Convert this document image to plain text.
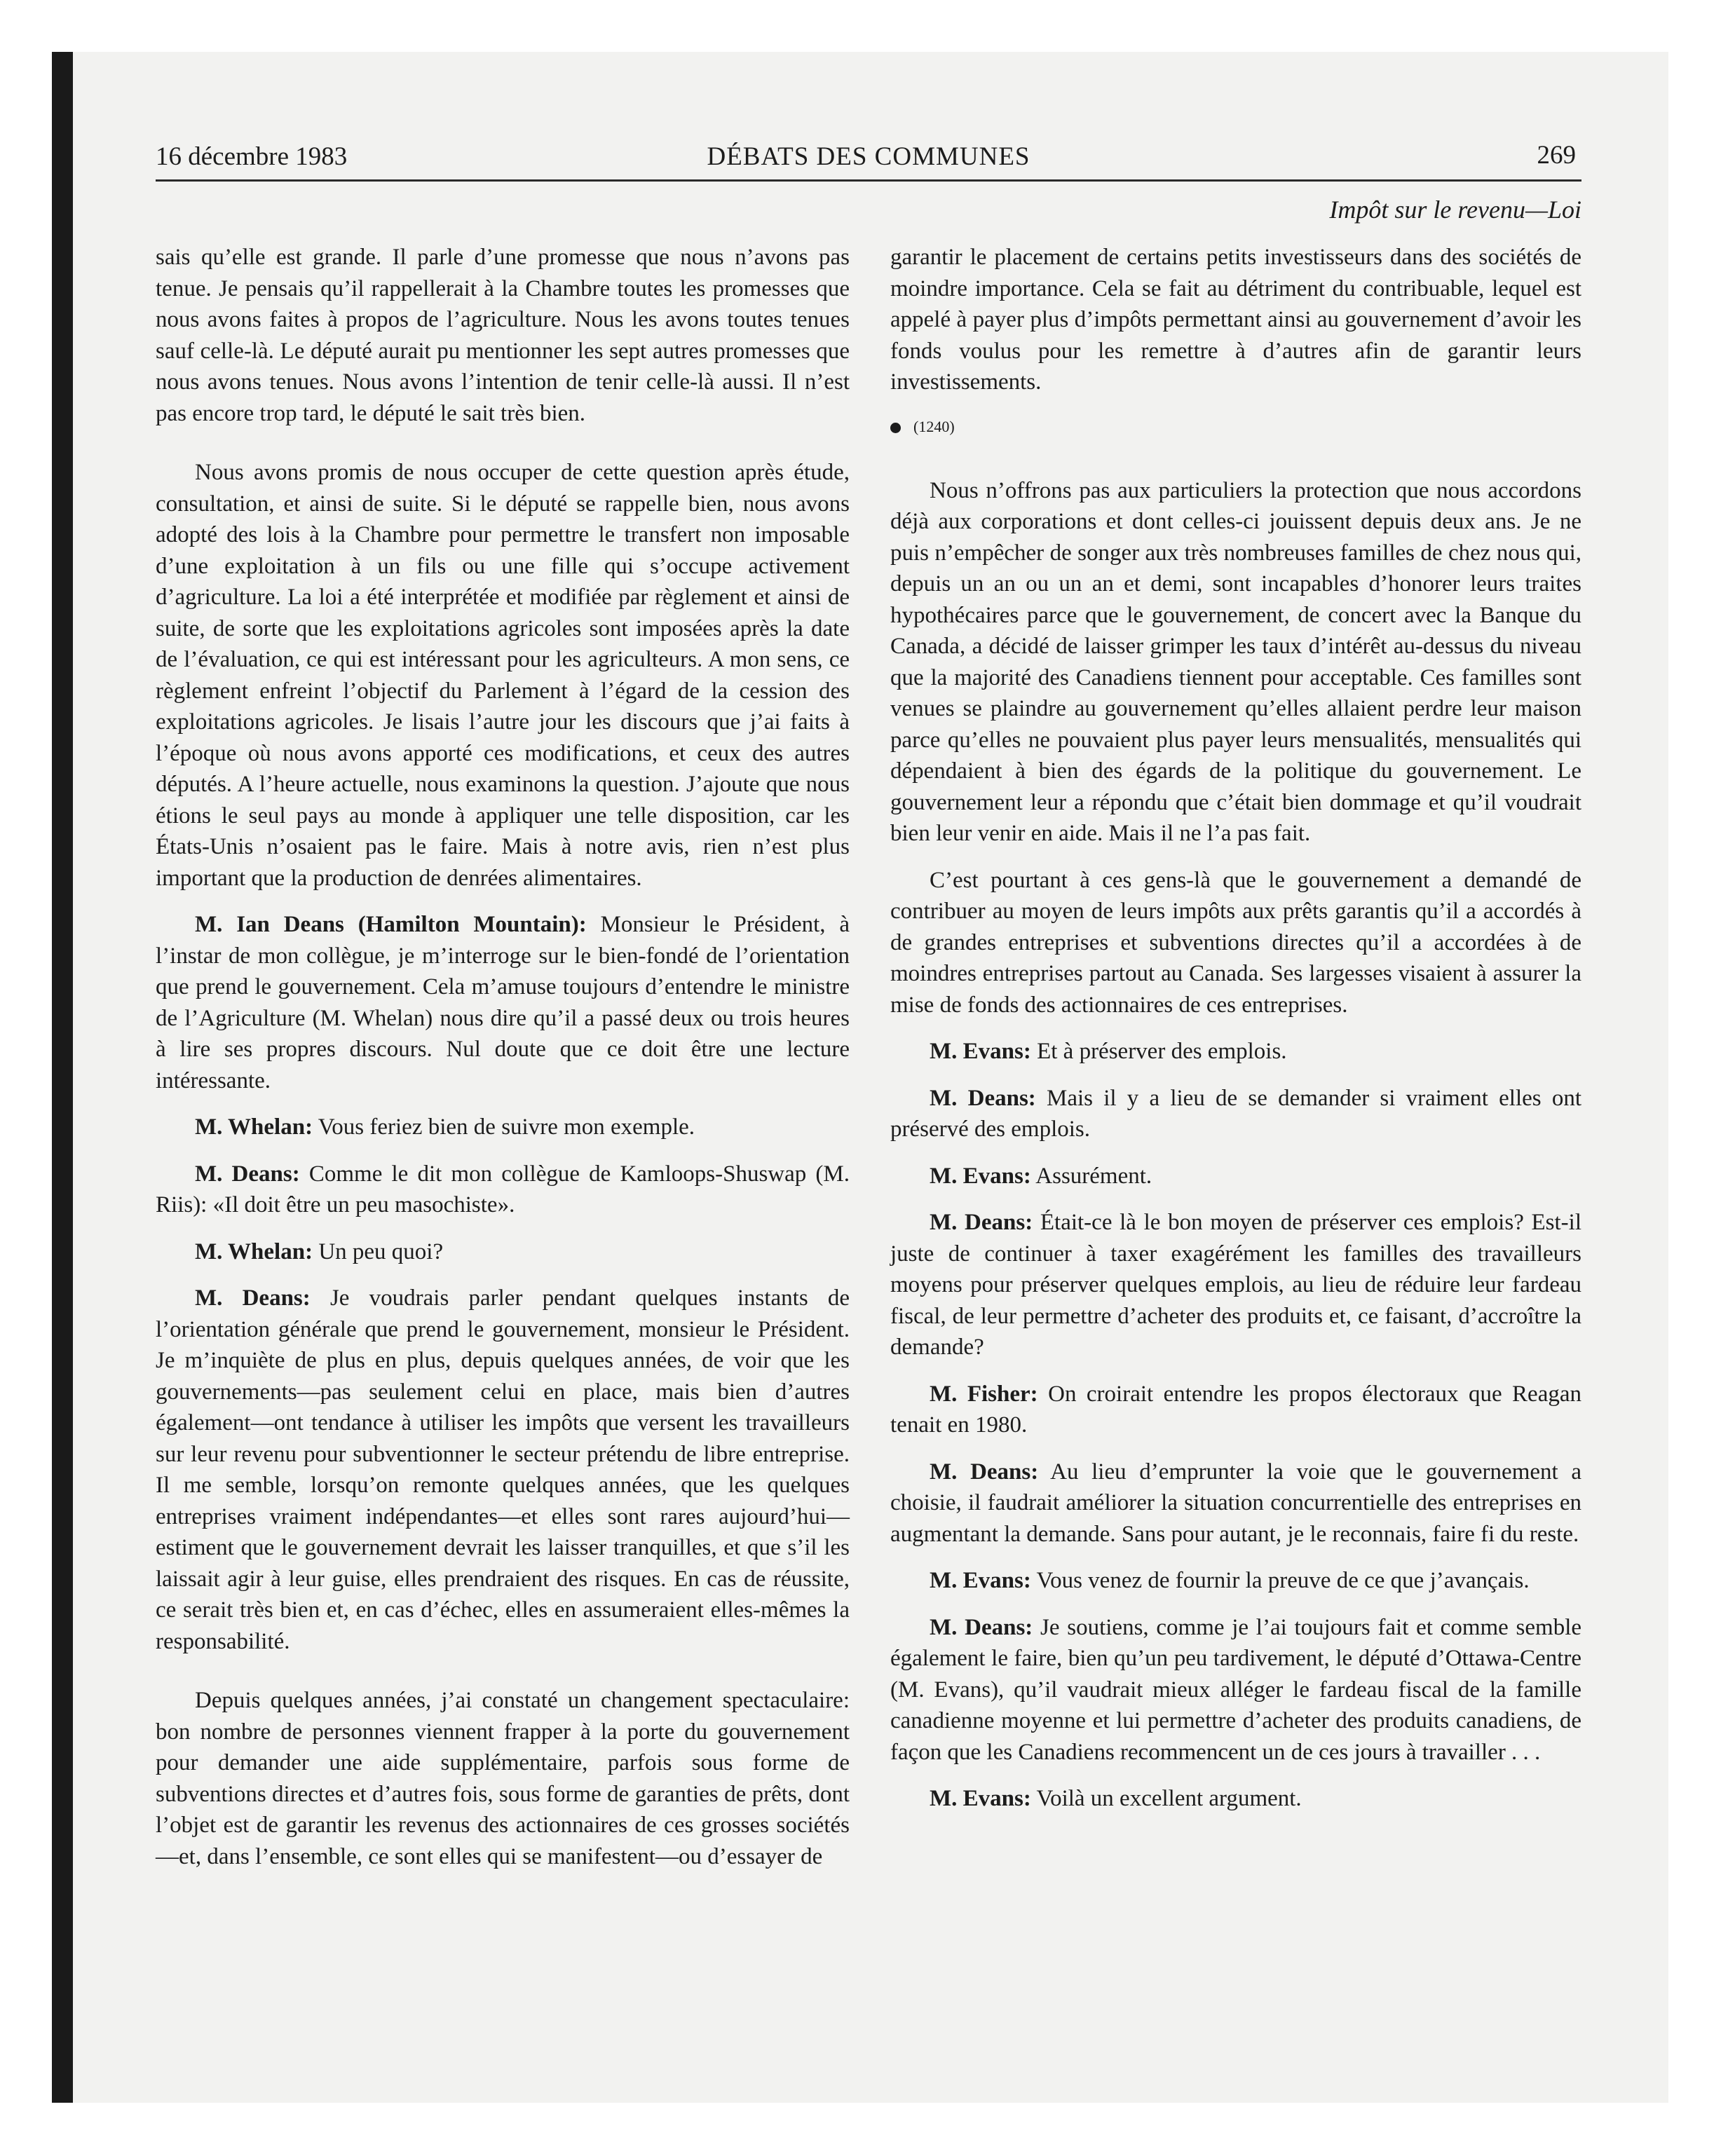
16 décembre 1983	DÉBATS DES COMMUNES	269
Impôt sur le revenu—Loi

sais qu’elle est grande. Il parle d’une promesse que nous n’avons pas tenue. Je pensais qu’il rappellerait à la Chambre toutes les promesses que nous avons faites à propos de l’agriculture. Nous les avons toutes tenues sauf celle-là. Le député aurait pu mentionner les sept autres promesses que nous avons tenues. Nous avons l’intention de tenir celle-là aussi. Il n’est pas encore trop tard, le député le sait très bien.

Nous avons promis de nous occuper de cette question après étude, consultation, et ainsi de suite. Si le député se rappelle bien, nous avons adopté des lois à la Chambre pour permettre le transfert non imposable d’une exploitation à un fils ou une fille qui s’occupe activement d’agriculture. La loi a été interprétée et modifiée par règlement et ainsi de suite, de sorte que les exploitations agricoles sont imposées après la date de l’évaluation, ce qui est intéressant pour les agriculteurs. A mon sens, ce règlement enfreint l’objectif du Parlement à l’égard de la cession des exploitations agricoles. Je lisais l’autre jour les discours que j’ai faits à l’époque où nous avons apporté ces modifications, et ceux des autres députés. A l’heure actuelle, nous examinons la question. J’ajoute que nous étions le seul pays au monde à appliquer une telle disposition, car les États-Unis n’osaient pas le faire. Mais à notre avis, rien n’est plus important que la production de denrées alimentaires.

M. Ian Deans (Hamilton Mountain): Monsieur le Président, à l’instar de mon collègue, je m’interroge sur le bien-fondé de l’orientation que prend le gouvernement. Cela m’amuse toujours d’entendre le ministre de l’Agriculture (M. Whelan) nous dire qu’il a passé deux ou trois heures à lire ses propres discours. Nul doute que ce doit être une lecture intéressante.

M. Whelan: Vous feriez bien de suivre mon exemple.

M. Deans: Comme le dit mon collègue de Kamloops-Shuswap (M. Riis): «Il doit être un peu masochiste».

M. Whelan: Un peu quoi?

M. Deans: Je voudrais parler pendant quelques instants de l’orientation générale que prend le gouvernement, monsieur le Président. Je m’inquiète de plus en plus, depuis quelques années, de voir que les gouvernements—pas seulement celui en place, mais bien d’autres également—ont tendance à utiliser les impôts que versent les travailleurs sur leur revenu pour subventionner le secteur prétendu de libre entreprise. Il me semble, lorsqu’on remonte quelques années, que les quelques entreprises vraiment indépendantes—et elles sont rares aujourd’hui—estiment que le gouvernement devrait les laisser tranquilles, et que s’il les laissait agir à leur guise, elles prendraient des risques. En cas de réussite, ce serait très bien et, en cas d’échec, elles en assumeraient elles-mêmes la responsabilité.

Depuis quelques années, j’ai constaté un changement spectaculaire: bon nombre de personnes viennent frapper à la porte du gouvernement pour demander une aide supplémentaire, parfois sous forme de subventions directes et d’autres fois, sous forme de garanties de prêts, dont l’objet est de garantir les revenus des actionnaires de ces grosses sociétés—et, dans l’ensemble, ce sont elles qui se manifestent—ou d’essayer de

garantir le placement de certains petits investisseurs dans des sociétés de moindre importance. Cela se fait au détriment du contribuable, lequel est appelé à payer plus d’impôts permettant ainsi au gouvernement d’avoir les fonds voulus pour les remettre à d’autres afin de garantir leurs investissements.

(1240)

Nous n’offrons pas aux particuliers la protection que nous accordons déjà aux corporations et dont celles-ci jouissent depuis deux ans. Je ne puis n’empêcher de songer aux très nombreuses familles de chez nous qui, depuis un an ou un an et demi, sont incapables d’honorer leurs traites hypothécaires parce que le gouvernement, de concert avec la Banque du Canada, a décidé de laisser grimper les taux d’intérêt au-dessus du niveau que la majorité des Canadiens tiennent pour acceptable. Ces familles sont venues se plaindre au gouvernement qu’elles allaient perdre leur maison parce qu’elles ne pouvaient plus payer leurs mensualités, mensualités qui dépendaient à bien des égards de la politique du gouvernement. Le gouvernement leur a répondu que c’était bien dommage et qu’il voudrait bien leur venir en aide. Mais il ne l’a pas fait.

C’est pourtant à ces gens-là que le gouvernement a demandé de contribuer au moyen de leurs impôts aux prêts garantis qu’il a accordés à de grandes entreprises et subventions directes qu’il a accordées à de moindres entreprises partout au Canada. Ses largesses visaient à assurer la mise de fonds des actionnaires de ces entreprises.

M. Evans: Et à préserver des emplois.

M. Deans: Mais il y a lieu de se demander si vraiment elles ont préservé des emplois.

M. Evans: Assurément.

M. Deans: Était-ce là le bon moyen de préserver ces emplois? Est-il juste de continuer à taxer exagérément les familles des travailleurs moyens pour préserver quelques emplois, au lieu de réduire leur fardeau fiscal, de leur permettre d’acheter des produits et, ce faisant, d’accroître la demande?

M. Fisher: On croirait entendre les propos électoraux que Reagan tenait en 1980.

M. Deans: Au lieu d’emprunter la voie que le gouvernement a choisie, il faudrait améliorer la situation concurrentielle des entreprises en augmentant la demande. Sans pour autant, je le reconnais, faire fi du reste.

M. Evans: Vous venez de fournir la preuve de ce que j’avançais.

M. Deans: Je soutiens, comme je l’ai toujours fait et comme semble également le faire, bien qu’un peu tardivement, le député d’Ottawa-Centre (M. Evans), qu’il vaudrait mieux alléger le fardeau fiscal de la famille canadienne moyenne et lui permettre d’acheter des produits canadiens, de façon que les Canadiens recommencent un de ces jours à travailler . . .

M. Evans: Voilà un excellent argument.
